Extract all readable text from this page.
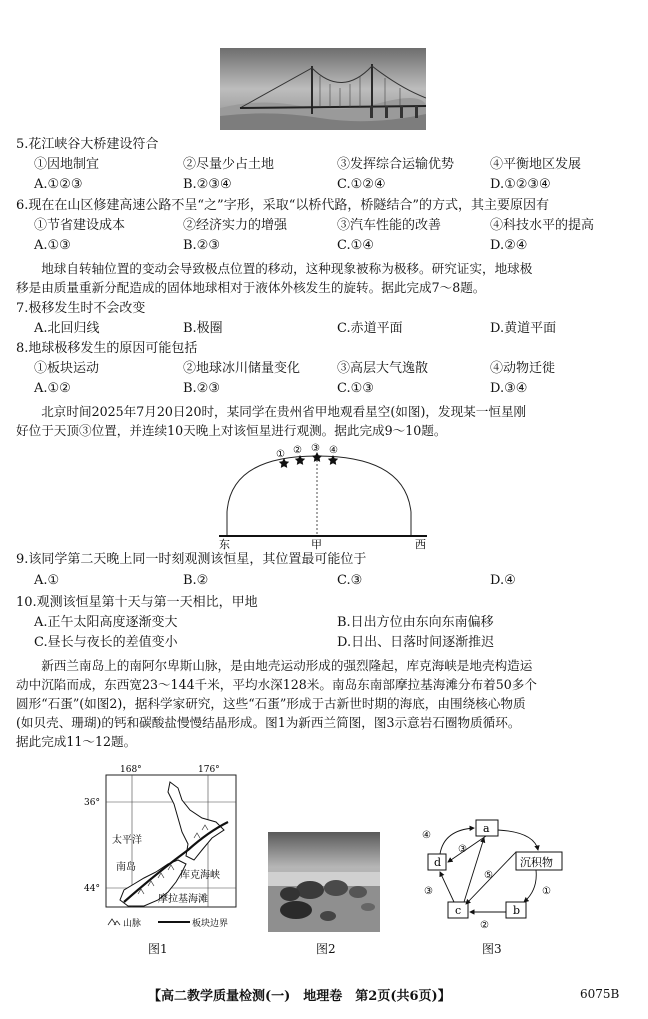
5.花江峡谷大桥建设符合
①因地制宜	②尽量少占土地	③发挥综合运输优势	④平衡地区发展
A.①②③	B.②③④	C.①②④	D.①②③④
6.现在在山区修建高速公路不呈“之”字形，采取“以桥代路，桥隧结合”的方式，其主要原因有
①节省建设成本	②经济实力的增强	③汽车性能的改善	④科技水平的提高
A.①③	B.②③	C.①④	D.②④
地球自转轴位置的变动会导致极点位置的移动，这种现象被称为极移。研究证实，地球极
移是由质量重新分配造成的固体地球相对于液体外核发生的旋转。据此完成7～8题。
7.极移发生时不会改变
A.北回归线	B.极圈	C.赤道平面	D.黄道平面
8.地球极移发生的原因可能包括
①板块运动	②地球冰川储量变化	③高层大气逸散	④动物迁徙
A.①②	B.②③	C.①③	D.③④
北京时间2025年7月20日20时，某同学在贵州省甲地观看星空(如图)，发现某一恒星刚
好位于天顶③位置，并连续10天晚上对该恒星进行观测。据此完成9～10题。
① ② ③ ④
东	甲	西
9.该同学第二天晚上同一时刻观测该恒星，其位置最可能位于
A.①	B.②	C.③	D.④
10.观测该恒星第十天与第一天相比，甲地
A.正午太阳高度逐渐变大	B.日出方位由东向东南偏移
C.昼长与夜长的差值变小	D.日出、日落时间逐渐推迟
新西兰南岛上的南阿尔卑斯山脉，是由地壳运动形成的强烈隆起，库克海峡是地壳构造运
动中沉陷而成，东西宽23～144千米，平均水深128米。南岛东南部摩拉基海滩分布着50多个
圆形“石蛋”(如图2)，据科学家研究，这些“石蛋”形成于古新世时期的海底，由围绕核心物质
(如贝壳、珊瑚)的钙和碳酸盐慢慢结晶形成。图1为新西兰简图，图3示意岩石圈物质循环。
据此完成11～12题。
168°	176°
36°
44°
太平洋
南岛
库克海峡
摩拉基海滩
山脉	板块边界
a
d	沉积物
c	b
④
③
③
②
①
⑤
图1	图2	图3
【高二教学质量检测(一)　地理卷　第2页(共6页)】	6075B
